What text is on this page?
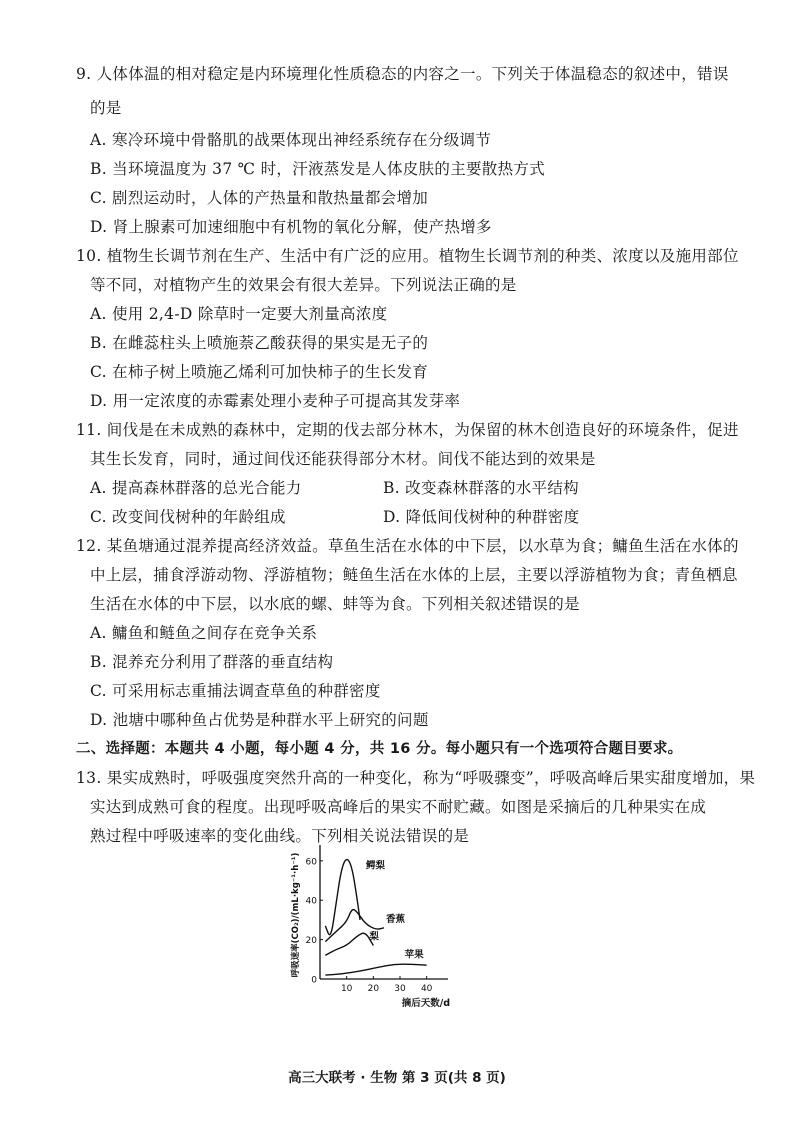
9. 人体体温的相对稳定是内环境理化性质稳态的内容之一。下列关于体温稳态的叙述中，错误
的是
A. 寒冷环境中骨骼肌的战栗体现出神经系统存在分级调节
B. 当环境温度为 37 ℃ 时，汗液蒸发是人体皮肤的主要散热方式
C. 剧烈运动时，人体的产热量和散热量都会增加
D. 肾上腺素可加速细胞中有机物的氧化分解，使产热增多
10. 植物生长调节剂在生产、生活中有广泛的应用。植物生长调节剂的种类、浓度以及施用部位
等不同，对植物产生的效果会有很大差异。下列说法正确的是
A. 使用 2,4-D 除草时一定要大剂量高浓度
B. 在雌蕊柱头上喷施萘乙酸获得的果实是无子的
C. 在柿子树上喷施乙烯利可加快柿子的生长发育
D. 用一定浓度的赤霉素处理小麦种子可提高其发芽率
11. 间伐是在未成熟的森林中，定期的伐去部分林木，为保留的林木创造良好的环境条件，促进
其生长发育，同时，通过间伐还能获得部分木材。间伐不能达到的效果是
A. 提高森林群落的总光合能力	B. 改变森林群落的水平结构
C. 改变间伐树种的年龄组成	D. 降低间伐树种的种群密度
12. 某鱼塘通过混养提高经济效益。草鱼生活在水体的中下层，以水草为食；鳙鱼生活在水体的
中上层，捕食浮游动物、浮游植物；鲢鱼生活在水体的上层，主要以浮游植物为食；青鱼栖息
生活在水体的中下层，以水底的螺、蚌等为食。下列相关叙述错误的是
A. 鳙鱼和鲢鱼之间存在竞争关系
B. 混养充分利用了群落的垂直结构
C. 可采用标志重捕法调查草鱼的种群密度
D. 池塘中哪种鱼占优势是种群水平上研究的问题
二、选择题：本题共 4 小题，每小题 4 分，共 16 分。每小题只有一个选项符合题目要求。
13. 果实成熟时，呼吸强度突然升高的一种变化，称为“呼吸骤变”，呼吸高峰后果实甜度增加，果
实达到成熟可食的程度。出现呼吸高峰后的果实不耐贮藏。如图是采摘后的几种果实在成
熟过程中呼吸速率的变化曲线。下列相关说法错误的是
0
20
40
60
10 20 30 40
摘后天数/d
呼吸速率(CO₂)/(mL·kg⁻¹·h⁻¹)	鳄梨
香蕉
梨
苹果
高三大联考 · 生物 第 3 页(共 8 页)
